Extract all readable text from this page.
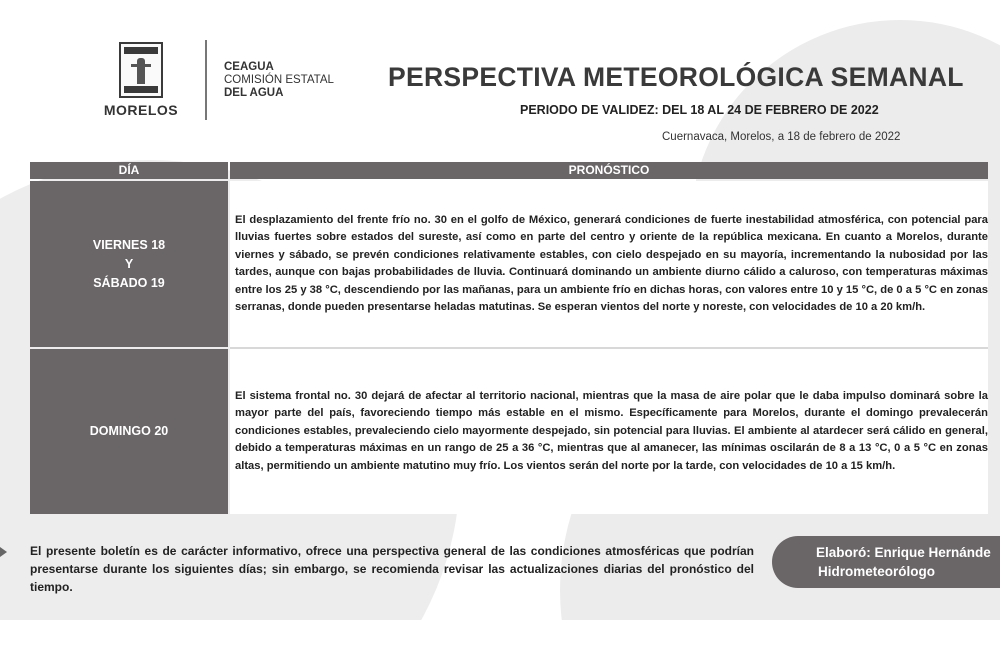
MORELOS
CEAGUA
COMISIÓN ESTATAL
DEL AGUA
PERSPECTIVA METEOROLÓGICA SEMANAL
PERIODO DE VALIDEZ: DEL 18 AL 24 DE FEBRERO DE 2022
Cuernavaca, Morelos, a 18 de febrero de 2022
DÍA	PRONÓSTICO
VIERNES 18
Y
SÁBADO 19

El desplazamiento del frente frío no. 30 en el golfo de México, generará condiciones de fuerte inestabilidad atmosférica, con potencial para lluvias fuertes sobre estados del sureste, así como en parte del centro y oriente de la república mexicana. En cuanto a Morelos, durante viernes y sábado, se prevén condiciones relativamente estables, con cielo despejado en su mayoría, incrementando la nubosidad por las tardes, aunque con bajas probabilidades de lluvia. Continuará dominando un ambiente diurno cálido a caluroso, con temperaturas máximas entre los 25 y 38 °C, descendiendo por las mañanas, para un ambiente frío en dichas horas, con valores entre 10 y 15 °C, de 0 a 5 °C en zonas serranas, donde pueden presentarse heladas matutinas. Se esperan vientos del norte y noreste, con velocidades de 10 a 20 km/h.

DOMINGO 20

El sistema frontal no. 30 dejará de afectar al territorio nacional, mientras que la masa de aire polar que le daba impulso dominará sobre la mayor parte del país, favoreciendo tiempo más estable en el mismo. Específicamente para Morelos, durante el domingo prevalecerán condiciones estables, prevaleciendo cielo mayormente despejado, sin potencial para lluvias. El ambiente al atardecer será cálido en general, debido a temperaturas máximas en un rango de 25 a 36 °C, mientras que al amanecer, las mínimas oscilarán de 8 a 13 °C, 0 a 5 °C en zonas altas, permitiendo un ambiente matutino muy frío. Los vientos serán del norte por la tarde, con velocidades de 10 a 15 km/h.

El presente boletín es de carácter informativo, ofrece una perspectiva general de las condiciones atmosféricas que podrían presentarse durante los siguientes días; sin embargo, se recomienda revisar las actualizaciones diarias del pronóstico del tiempo.
Elaboró: Enrique Hernánde
Hidrometeorólogo
